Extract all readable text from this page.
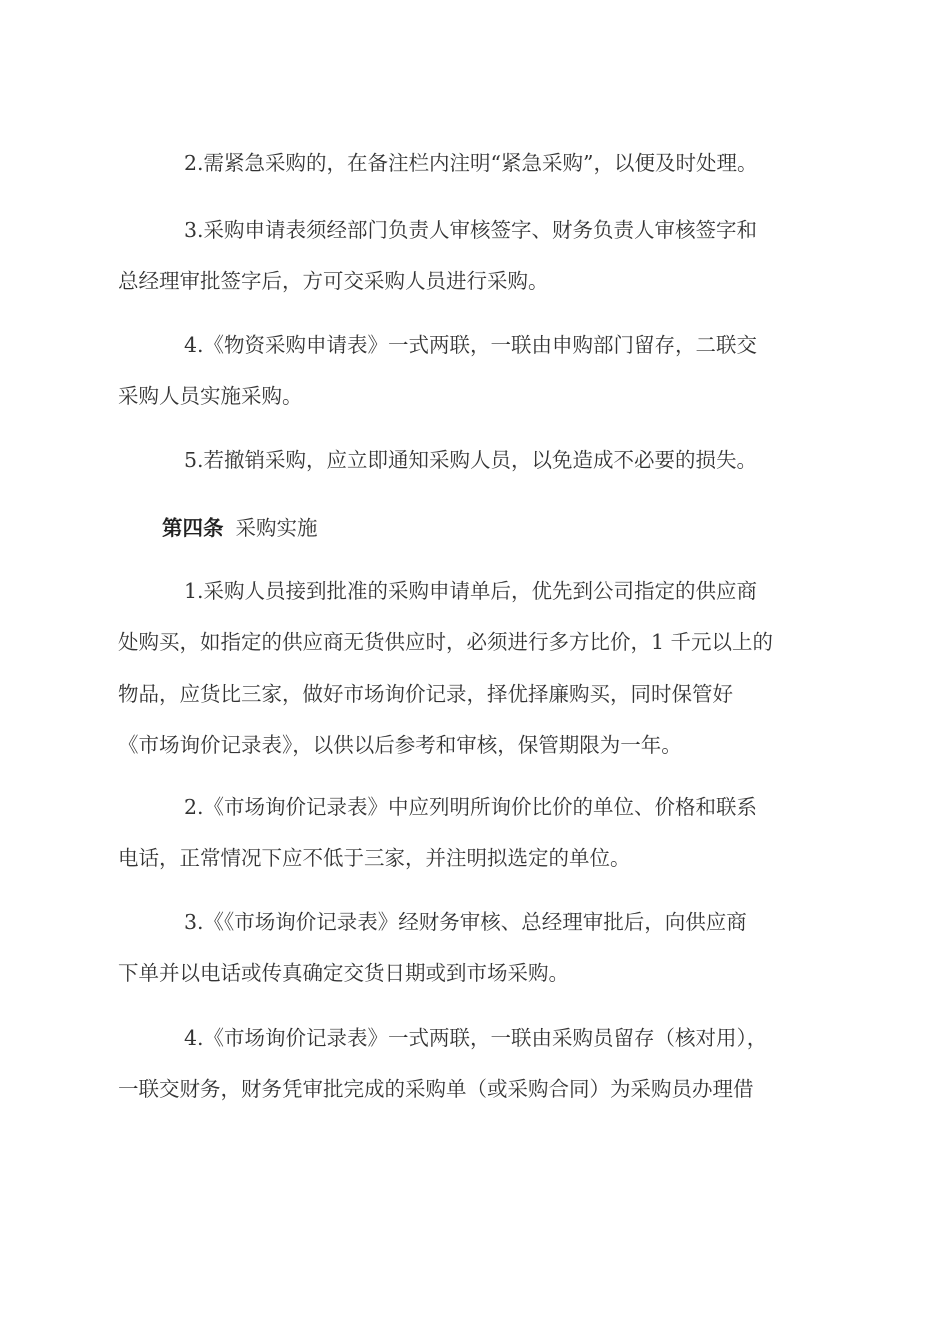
2.需紧急采购的，在备注栏内注明“紧急采购”，以便及时处理。

3.采购申请表须经部门负责人审核签字、财务负责人审核签字和
总经理审批签字后，方可交采购人员进行采购。

4.《物资采购申请表》一式两联，一联由申购部门留存，二联交
采购人员实施采购。

5.若撤销采购，应立即通知采购人员，以免造成不必要的损失。

第四条 采购实施

1.采购人员接到批准的采购申请单后，优先到公司指定的供应商
处购买，如指定的供应商无货供应时，必须进行多方比价，1 千元以上的
物品，应货比三家，做好市场询价记录，择优择廉购买，同时保管好
《市场询价记录表》，以供以后参考和审核，保管期限为一年。

2.《市场询价记录表》中应列明所询价比价的单位、价格和联系
电话，正常情况下应不低于三家，并注明拟选定的单位。

3.《《市场询价记录表》经财务审核、总经理审批后，向供应商
下单并以电话或传真确定交货日期或到市场采购。

4.《市场询价记录表》一式两联，一联由采购员留存（核对用），
一联交财务，财务凭审批完成的采购单（或采购合同）为采购员办理借
